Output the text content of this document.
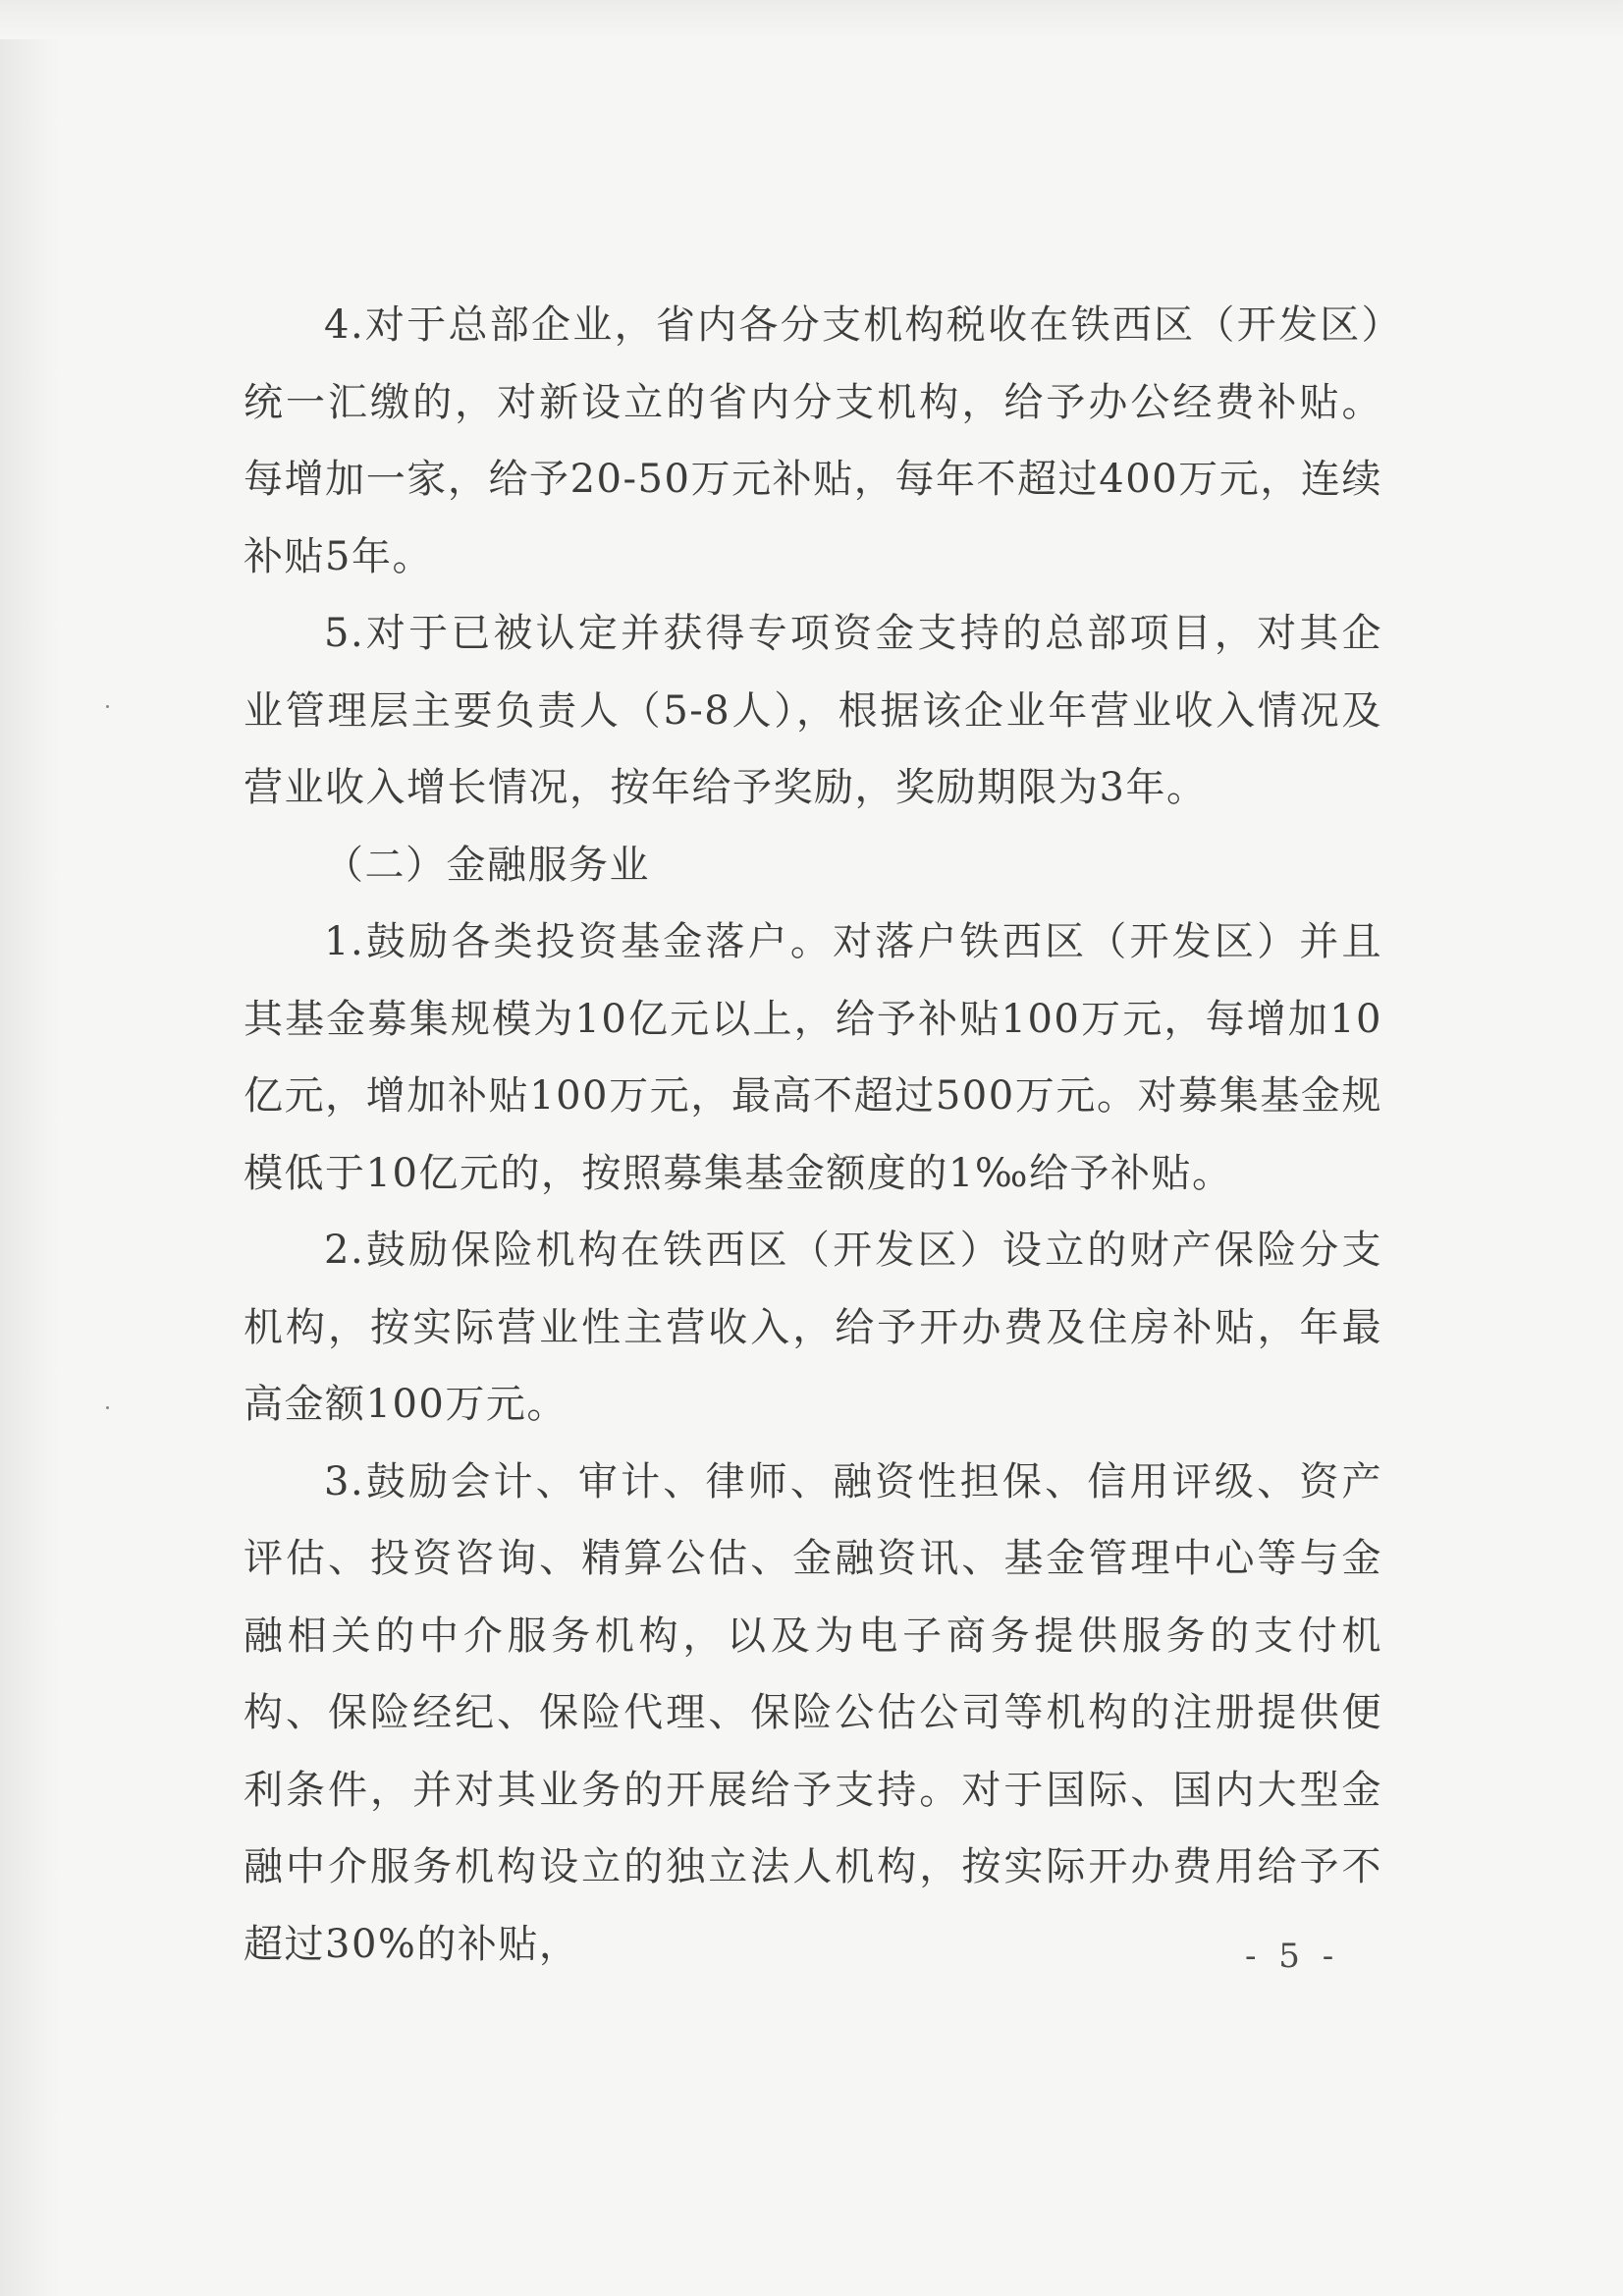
4.对于总部企业，省内各分支机构税收在铁西区（开发区）统一汇缴的，对新设立的省内分支机构，给予办公经费补贴。每增加一家，给予20-50万元补贴，每年不超过400万元，连续补贴5年。

5.对于已被认定并获得专项资金支持的总部项目，对其企业管理层主要负责人（5-8人），根据该企业年营业收入情况及营业收入增长情况，按年给予奖励，奖励期限为3年。

（二）金融服务业

1.鼓励各类投资基金落户。对落户铁西区（开发区）并且其基金募集规模为10亿元以上，给予补贴100万元，每增加10亿元，增加补贴100万元，最高不超过500万元。对募集基金规模低于10亿元的，按照募集基金额度的1‰给予补贴。

2.鼓励保险机构在铁西区（开发区）设立的财产保险分支机构，按实际营业性主营收入，给予开办费及住房补贴，年最高金额100万元。

3.鼓励会计、审计、律师、融资性担保、信用评级、资产评估、投资咨询、精算公估、金融资讯、基金管理中心等与金融相关的中介服务机构，以及为电子商务提供服务的支付机构、保险经纪、保险代理、保险公估公司等机构的注册提供便利条件，并对其业务的开展给予支持。对于国际、国内大型金融中介服务机构设立的独立法人机构，按实际开办费用给予不超过30%的补贴，	- 5 -
